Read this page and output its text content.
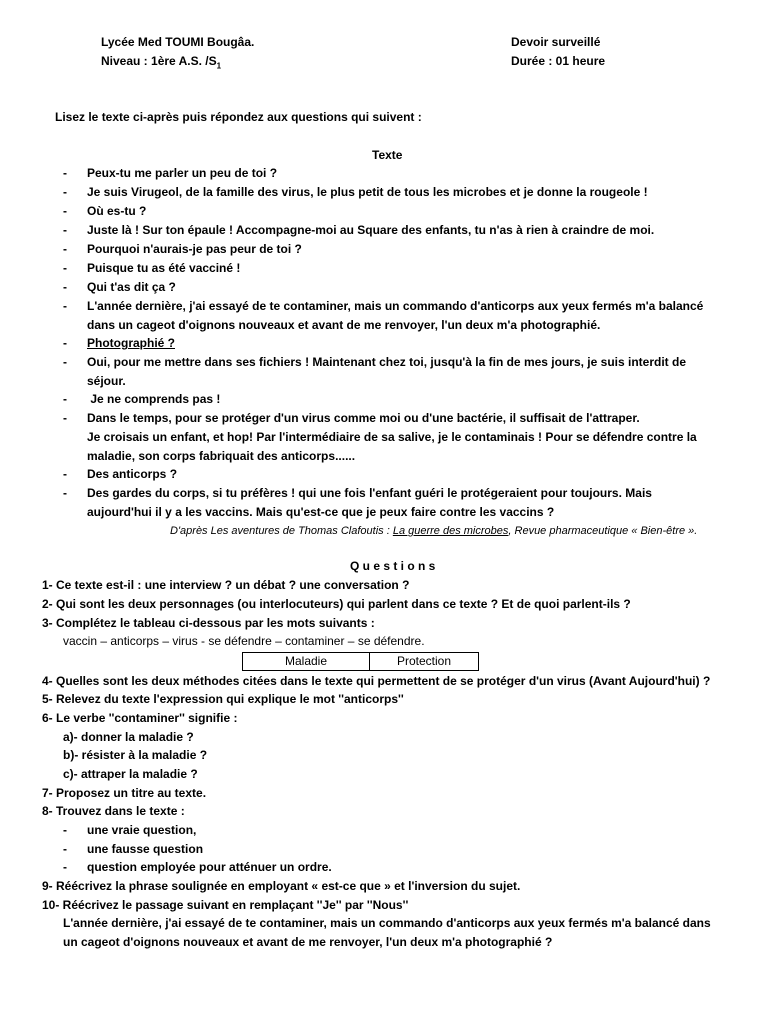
Lycée Med TOUMI Bougâa.
Niveau : 1ère A.S. $/S_1$
Devoir surveillé
Durée : 01 heure
Lisez le texte ci-après puis répondez aux questions qui suivent :
Texte
- Peux-tu me parler un peu de toi ?
- Je suis Virugeol, de la famille des virus, le plus petit de tous les microbes et je donne la rougeole !
- Où es-tu ?
- Juste là ! Sur ton épaule ! Accompagne-moi au Square des enfants, tu n'as à rien à craindre de moi.
- Pourquoi n'aurais-je pas peur de toi ?
- Puisque tu as été vacciné !
- Qui t'as dit ça ?
- L'année dernière, j'ai essayé de te contaminer, mais un commando d'anticorps aux yeux fermés m'a balancé
dans un cageot d'oignons nouveaux et avant de me renvoyer, l'un deux m'a photographié.
- Photographié ?
- Oui, pour me mettre dans ses fichiers ! Maintenant chez toi, jusqu'à la fin de mes jours, je suis interdit de
séjour.
- Je ne comprends pas !
- Dans le temps, pour se protéger d'un virus comme moi ou d'une bactérie, il suffisait de l'attraper.
Je croisais un enfant, et hop! Par l'intermédiaire de sa salive, je le contaminais ! Pour se défendre contre la
maladie, son corps fabriquait des anticorps......
- Des anticorps ?
- Des gardes du corps, si tu préfères ! qui une fois l'enfant guéri le protégeraient pour toujours. Mais
aujourd'hui il y a les vaccins. Mais qu'est-ce que je peux faire contre les vaccins ?
D'après Les aventures de Thomas Clafoutis : La guerre des microbes, Revue pharmaceutique « Bien-être ».
Q u e s t i o n s
1- Ce texte est-il : une interview ? un débat ? une conversation ?
2- Qui sont les deux personnages (ou interlocuteurs) qui parlent dans ce texte ? Et de quoi parlent-ils ?
3- Complétez le tableau ci-dessous par les mots suivants :
vaccin – anticorps – virus - se défendre – contaminer – se défendre.
Maladie	Protection
4- Quelles sont les deux méthodes citées dans le texte qui permettent de se protéger d'un virus (Avant Aujourd'hui) ?
5- Relevez du texte l'expression qui explique le mot ''anticorps''
6- Le verbe ''contaminer'' signifie :
a)- donner la maladie ?
b)- résister à la maladie ?
c)- attraper la maladie ?
7- Proposez un titre au texte.
8- Trouvez dans le texte :
- une vraie question,
- une fausse question
- question employée pour atténuer un ordre.
9- Réécrivez la phrase soulignée en employant « est-ce que » et l'inversion du sujet.
10- Réécrivez le passage suivant en remplaçant ''Je'' par ''Nous''
L'année dernière, j'ai essayé de te contaminer, mais un commando d'anticorps aux yeux fermés m'a balancé dans
un cageot d'oignons nouveaux et avant de me renvoyer, l'un deux m'a photographié ?
